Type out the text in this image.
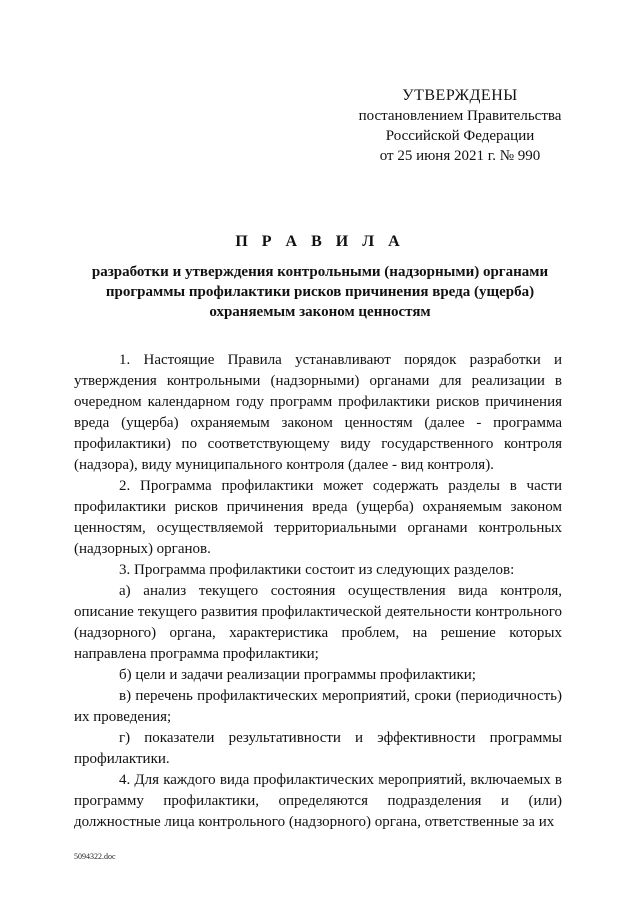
УТВЕРЖДЕНЫ
постановлением Правительства
Российской Федерации
от 25 июня 2021 г. № 990
П Р А В И Л А
разработки и утверждения контрольными (надзорными) органами программы профилактики рисков причинения вреда (ущерба) охраняемым законом ценностям

1. Настоящие Правила устанавливают порядок разработки и утверждения контрольными (надзорными) органами для реализации в очередном календарном году программ профилактики рисков причинения вреда (ущерба) охраняемым законом ценностям (далее - программа профилактики) по соответствующему виду государственного контроля (надзора), виду муниципального контроля (далее - вид контроля).

2. Программа профилактики может содержать разделы в части профилактики рисков причинения вреда (ущерба) охраняемым законом ценностям, осуществляемой территориальными органами контрольных (надзорных) органов.

3. Программа профилактики состоит из следующих разделов:

а) анализ текущего состояния осуществления вида контроля, описание текущего развития профилактической деятельности контрольного (надзорного) органа, характеристика проблем, на решение которых направлена программа профилактики;

б) цели и задачи реализации программы профилактики;

в) перечень профилактических мероприятий, сроки (периодичность) их проведения;

г) показатели результативности и эффективности программы профилактики.

4. Для каждого вида профилактических мероприятий, включаемых в программу профилактики, определяются подразделения и (или) должностные лица контрольного (надзорного) органа, ответственные за их

5094322.doc
